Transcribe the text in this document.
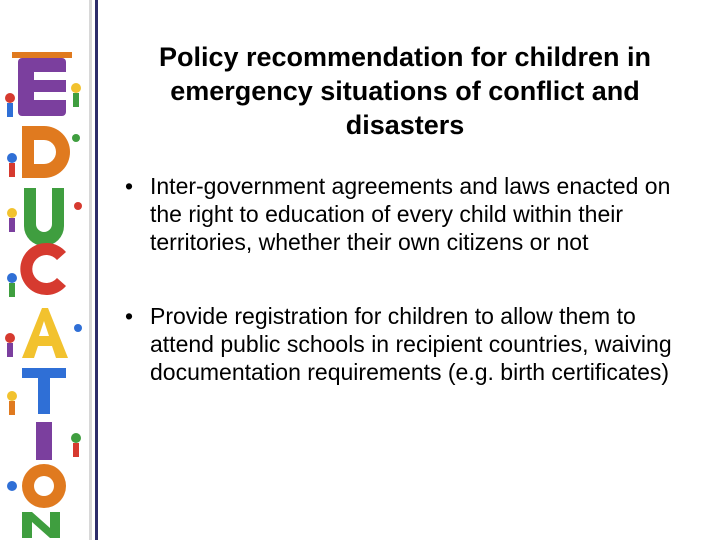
Policy recommendation for children in emergency situations of conflict and disasters
• Inter-government agreements and laws enacted on the right to education of every child within their territories, whether their own citizens or not
• Provide registration for children to allow them to attend public schools in recipient countries, waiving documentation requirements (e.g. birth certificates)
